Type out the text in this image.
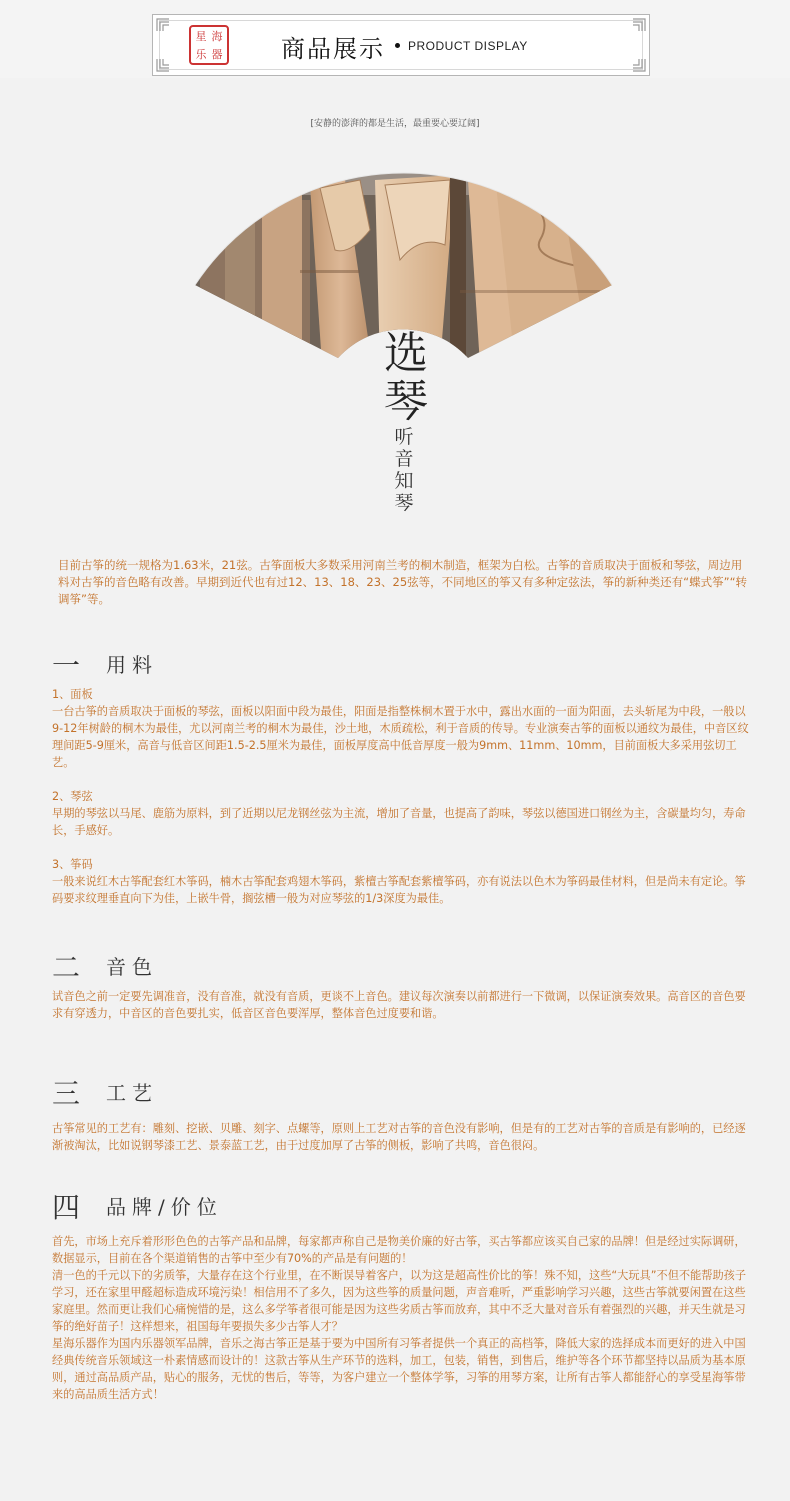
星 海
乐 器 商品展示 PRODUCT DISPLAY
[安静的澎湃的都是生活，最重要心要辽阔]
选
琴
听
音
知
琴

目前古筝的统一规格为1.63米，21弦。古筝面板大多数采用河南兰考的桐木制造，框架为白松。古筝的音质取决于面板和琴弦，周边用料对古筝的音色略有改善。早期到近代也有过12、13、18、23、25弦等，不同地区的筝又有多种定弦法，筝的新种类还有“蝶式筝”“转调筝”等。

一 用料

1、面板

一台古筝的音质取决于面板的琴弦，面板以阳面中段为最佳，阳面是指整株桐木置于水中，露出水面的一面为阳面，去头斩尾为中段，一般以9-12年树龄的桐木为最佳，尤以河南兰考的桐木为最佳，沙土地，木质疏松，利于音质的传导。专业演奏古筝的面板以通纹为最佳，中音区纹理间距5-9厘米，高音与低音区间距1.5-2.5厘米为最佳，面板厚度高中低音厚度一般为9mm、11mm、10mm，目前面板大多采用弦切工艺。

2、琴弦

早期的琴弦以马尾、鹿筋为原料，到了近期以尼龙钢丝弦为主流，增加了音量，也提高了韵味，琴弦以德国进口钢丝为主，含碳量均匀，寿命长，手感好。

3、筝码

一般来说红木古筝配套红木筝码，楠木古筝配套鸡翅木筝码，紫檀古筝配套紫檀筝码，亦有说法以色木为筝码最佳材料，但是尚未有定论。筝码要求纹理垂直向下为佳，上嵌牛骨，搁弦槽一般为对应琴弦的1/3深度为最佳。

二 音色

试音色之前一定要先调准音，没有音准，就没有音质，更谈不上音色。建议每次演奏以前都进行一下微调，以保证演奏效果。高音区的音色要求有穿透力，中音区的音色要扎实，低音区音色要浑厚，整体音色过度要和谐。

三 工艺

古筝常见的工艺有：雕刻、挖嵌、贝雕、刻字、点螺等，原则上工艺对古筝的音色没有影响，但是有的工艺对古筝的音质是有影响的，已经逐渐被淘汰，比如说钢琴漆工艺、景泰蓝工艺，由于过度加厚了古筝的侧板，影响了共鸣，音色很闷。

四 品牌/价位

首先，市场上充斥着形形色色的古筝产品和品牌，每家都声称自己是物美价廉的好古筝，买古筝都应该买自己家的品牌！但是经过实际调研，数据显示，目前在各个渠道销售的古筝中至少有70%的产品是有问题的！

清一色的千元以下的劣质筝，大量存在这个行业里，在不断误导着客户，以为这是超高性价比的筝！殊不知，这些“大玩具”不但不能帮助孩子学习，还在家里甲醛超标造成环境污染！相信用不了多久，因为这些筝的质量问题，声音难听，严重影响学习兴趣，这些古筝就要闲置在这些家庭里。然而更让我们心痛惋惜的是，这么多学筝者很可能是因为这些劣质古筝而放弃，其中不乏大量对音乐有着强烈的兴趣，并天生就是习筝的绝好苗子！这样想来，祖国每年要损失多少古筝人才？

星海乐器作为国内乐器领军品牌，音乐之海古筝正是基于要为中国所有习筝者提供一个真正的高档筝，降低大家的选择成本而更好的进入中国经典传统音乐领域这一朴素情感而设计的！这款古筝从生产环节的选料，加工，包装，销售，到售后，维护等各个环节都坚持以品质为基本原则，通过高品质产品，贴心的服务，无忧的售后，等等，为客户建立一个整体学筝，习筝的用琴方案，让所有古筝人都能舒心的享受星海筝带来的高品质生活方式！
